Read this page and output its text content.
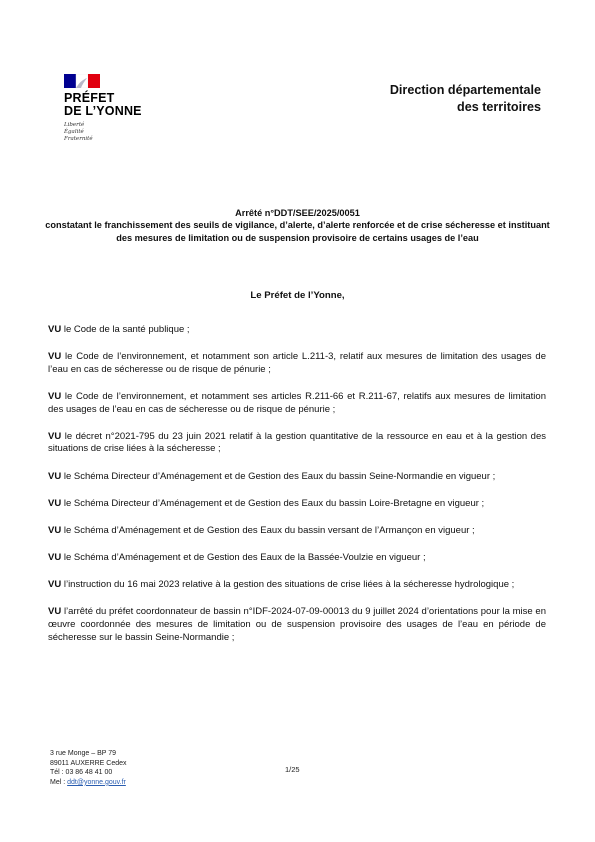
PRÉFET
DE L’YONNE
Liberté
Égalité
Fraternité
Direction départementale
des territoires
Arrêté n°DDT/SEE/2025/0051
constatant le franchissement des seuils de vigilance, d’alerte, d’alerte renforcée et de crise sécheresse et instituant des mesures de limitation ou de suspension provisoire de certains usages de l’eau
Le Préfet de l’Yonne,

VU le Code de la santé publique ;

VU le Code de l’environnement, et notamment son article L.211-3, relatif aux mesures de limitation des usages de l’eau en cas de sécheresse ou de risque de pénurie ;

VU le Code de l’environnement, et notamment ses articles R.211-66 et R.211-67, relatifs aux mesures de limitation des usages de l’eau en cas de sécheresse ou de risque de pénurie ;

VU le décret n°2021-795 du 23 juin 2021 relatif à la gestion quantitative de la ressource en eau et à la gestion des situations de crise liées à la sécheresse ;

VU le Schéma Directeur d’Aménagement et de Gestion des Eaux du bassin Seine-Normandie en vigueur ;

VU le Schéma Directeur d’Aménagement et de Gestion des Eaux du bassin Loire-Bretagne en vigueur ;

VU le Schéma d’Aménagement et de Gestion des Eaux du bassin versant de l’Armançon en vigueur ;

VU le Schéma d’Aménagement et de Gestion des Eaux de la Bassée-Voulzie en vigueur ;

VU l’instruction du 16 mai 2023 relative à la gestion des situations de crise liées à la sécheresse hydrologique ;

VU l’arrêté du préfet coordonnateur de bassin n°IDF-2024-07-09-00013 du 9 juillet 2024 d’orientations pour la mise en œuvre coordonnée des mesures de limitation ou de suspension provisoire des usages de l’eau en période de sécheresse sur le bassin Seine-Normandie ;

3 rue Monge – BP 79
89011 AUXERRE Cedex
Tél : 03 86 48 41 00
Mel : ddt@yonne.gouv.fr
1/25
